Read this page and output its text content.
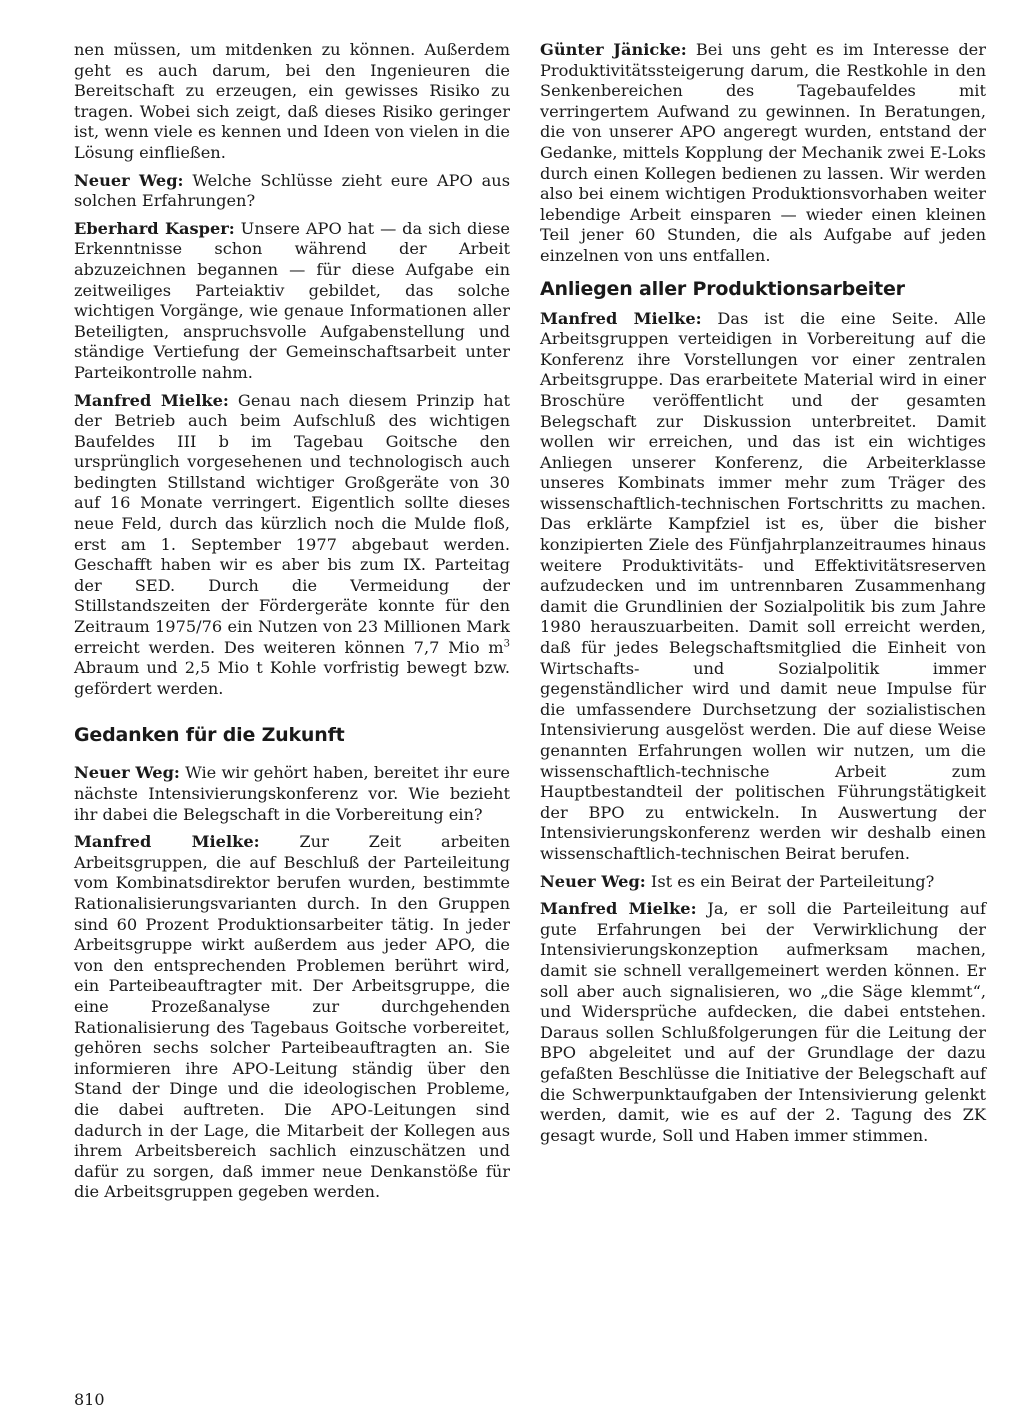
nen müssen, um mitdenken zu können. Außerdem geht es auch darum, bei den Ingenieuren die Bereitschaft zu erzeugen, ein gewisses Risiko zu tragen. Wobei sich zeigt, daß dieses Risiko geringer ist, wenn viele es kennen und Ideen von vielen in die Lösung einfließen.

Neuer Weg: Welche Schlüsse zieht eure APO aus solchen Erfahrungen?

Eberhard Kasper: Unsere APO hat — da sich diese Erkenntnisse schon während der Arbeit abzuzeichnen begannen — für diese Aufgabe ein zeitweiliges Parteiaktiv gebildet, das solche wichtigen Vorgänge, wie genaue Informationen aller Beteiligten, anspruchsvolle Aufgabenstellung und ständige Vertiefung der Gemeinschaftsarbeit unter Parteikontrolle nahm.

Manfred Mielke: Genau nach diesem Prinzip hat der Betrieb auch beim Aufschluß des wichtigen Baufeldes III b im Tagebau Goitsche den ursprünglich vorgesehenen und technologisch auch bedingten Stillstand wichtiger Großgeräte von 30 auf 16 Monate verringert. Eigentlich sollte dieses neue Feld, durch das kürzlich noch die Mulde floß, erst am 1. September 1977 abgebaut werden. Geschafft haben wir es aber bis zum IX. Parteitag der SED. Durch die Vermeidung der Stillstandszeiten der Fördergeräte konnte für den Zeitraum 1975/76 ein Nutzen von 23 Millionen Mark erreicht werden. Des weiteren können 7,7 Mio $m^3$ Abraum und 2,5 Mio t Kohle vorfristig bewegt bzw. gefördert werden.

Gedanken für die Zukunft

Neuer Weg: Wie wir gehört haben, bereitet ihr eure nächste Intensivierungskonferenz vor. Wie bezieht ihr dabei die Belegschaft in die Vorbereitung ein?

Manfred Mielke: Zur Zeit arbeiten Arbeitsgruppen, die auf Beschluß der Parteileitung vom Kombinatsdirektor berufen wurden, bestimmte Rationalisierungsvarianten durch. In den Gruppen sind 60 Prozent Produktionsarbeiter tätig. In jeder Arbeitsgruppe wirkt außerdem aus jeder APO, die von den entsprechenden Problemen berührt wird, ein Parteibeauftragter mit. Der Arbeitsgruppe, die eine Prozeßanalyse zur durchgehenden Rationalisierung des Tagebaus Goitsche vorbereitet, gehören sechs solcher Parteibeauftragten an. Sie informieren ihre APO-Leitung ständig über den Stand der Dinge und die ideologischen Probleme, die dabei auftreten. Die APO-Leitungen sind dadurch in der Lage, die Mitarbeit der Kollegen aus ihrem Arbeitsbereich sachlich einzuschätzen und dafür zu sorgen, daß immer neue Denkanstöße für die Arbeitsgruppen gegeben werden.

Günter Jänicke: Bei uns geht es im Interesse der Produktivitätssteigerung darum, die Restkohle in den Senkenbereichen des Tagebaufeldes mit verringertem Aufwand zu gewinnen. In Beratungen, die von unserer APO angeregt wurden, entstand der Gedanke, mittels Kopplung der Mechanik zwei E-Loks durch einen Kollegen bedienen zu lassen. Wir werden also bei einem wichtigen Produktionsvorhaben weiter lebendige Arbeit einsparen — wieder einen kleinen Teil jener 60 Stunden, die als Aufgabe auf jeden einzelnen von uns entfallen.

Anliegen aller Produktionsarbeiter

Manfred Mielke: Das ist die eine Seite. Alle Arbeitsgruppen verteidigen in Vorbereitung auf die Konferenz ihre Vorstellungen vor einer zentralen Arbeitsgruppe. Das erarbeitete Material wird in einer Broschüre veröffentlicht und der gesamten Belegschaft zur Diskussion unterbreitet. Damit wollen wir erreichen, und das ist ein wichtiges Anliegen unserer Konferenz, die Arbeiterklasse unseres Kombinats immer mehr zum Träger des wissenschaftlich-technischen Fortschritts zu machen. Das erklärte Kampfziel ist es, über die bisher konzipierten Ziele des Fünfjahrplanzeitraumes hinaus weitere Produktivitäts- und Effektivitätsreserven aufzudecken und im untrennbaren Zusammenhang damit die Grundlinien der Sozialpolitik bis zum Jahre 1980 herauszuarbeiten. Damit soll erreicht werden, daß für jedes Belegschaftsmitglied die Einheit von Wirtschafts- und Sozialpolitik immer gegenständlicher wird und damit neue Impulse für die umfassendere Durchsetzung der sozialistischen Intensivierung ausgelöst werden. Die auf diese Weise genannten Erfahrungen wollen wir nutzen, um die wissenschaftlich-technische Arbeit zum Hauptbestandteil der politischen Führungstätigkeit der BPO zu entwickeln. In Auswertung der Intensivierungskonferenz werden wir deshalb einen wissenschaftlich-technischen Beirat berufen.

Neuer Weg: Ist es ein Beirat der Parteileitung?

Manfred Mielke: Ja, er soll die Parteileitung auf gute Erfahrungen bei der Verwirklichung der Intensivierungskonzeption aufmerksam machen, damit sie schnell verallgemeinert werden können. Er soll aber auch signalisieren, wo „die Säge klemmt“, und Widersprüche aufdecken, die dabei entstehen. Daraus sollen Schlußfolgerungen für die Leitung der BPO abgeleitet und auf der Grundlage der dazu gefaßten Beschlüsse die Initiative der Belegschaft auf die Schwerpunktaufgaben der Intensivierung gelenkt werden, damit, wie es auf der 2. Tagung des ZK gesagt wurde, Soll und Haben immer stimmen.

810
